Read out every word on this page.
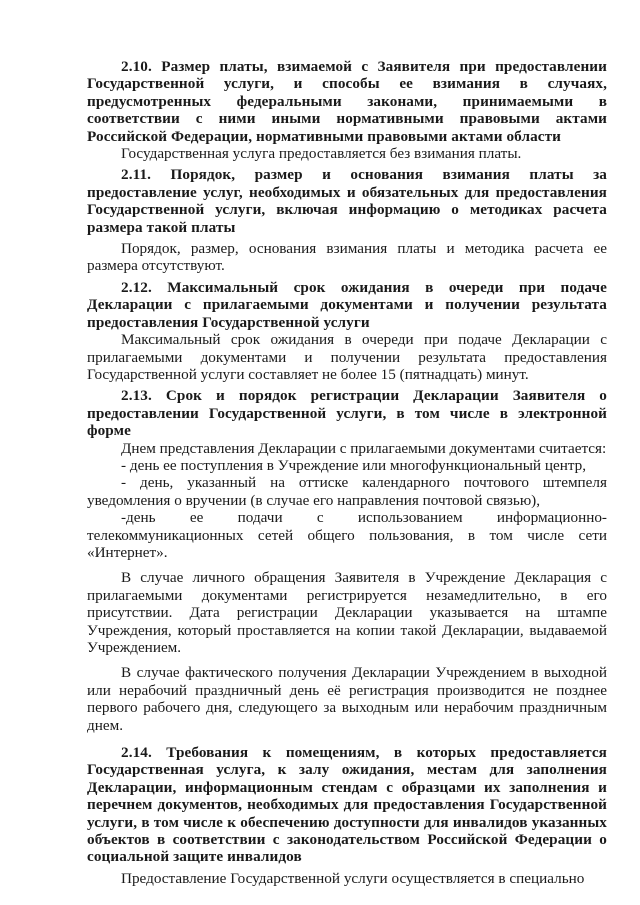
2.10. Размер платы, взимаемой с Заявителя при предоставлении Государственной услуги, и способы ее взимания в случаях, предусмотренных федеральными законами, принимаемыми в соответствии с ними иными нормативными правовыми актами Российской Федерации, нормативными правовыми актами области

Государственная услуга предоставляется без взимания платы.

2.11. Порядок, размер и основания взимания платы за предоставление услуг, необходимых и обязательных для предоставления Государственной услуги, включая информацию о методиках расчета размера такой платы

Порядок, размер, основания взимания платы и методика расчета ее размера отсутствуют.

2.12. Максимальный срок ожидания в очереди при подаче Декларации с прилагаемыми документами и получении результата предоставления Государственной услуги

Максимальный срок ожидания в очереди при подаче Декларации с прилагаемыми документами и получении результата предоставления Государственной услуги составляет не более 15 (пятнадцать) минут.

2.13. Срок и порядок регистрации Декларации Заявителя о предоставлении Государственной услуги, в том числе в электронной форме

Днем представления Декларации с прилагаемыми документами считается:

- день ее поступления в Учреждение или многофункциональный центр,

- день, указанный на оттиске календарного почтового штемпеля уведомления о вручении (в случае его направления почтовой связью),

-день ее подачи с использованием информационно-телекоммуникационных сетей общего пользования, в том числе сети «Интернет».

В случае личного обращения Заявителя в Учреждение Декларация с прилагаемыми документами регистрируется незамедлительно, в его присутствии. Дата регистрации Декларации указывается на штампе Учреждения, который проставляется на копии такой Декларации, выдаваемой Учреждением.

В случае фактического получения Декларации Учреждением в выходной или нерабочий праздничный день её регистрация производится не позднее первого рабочего дня, следующего за выходным или нерабочим праздничным днем.

2.14. Требования к помещениям, в которых предоставляется Государственная услуга, к залу ожидания, местам для заполнения Декларации, информационным стендам с образцами их заполнения и перечнем документов, необходимых для предоставления Государственной услуги, в том числе к обеспечению доступности для инвалидов указанных объектов в соответствии с законодательством Российской Федерации о социальной защите инвалидов

Предоставление Государственной услуги осуществляется в специально
